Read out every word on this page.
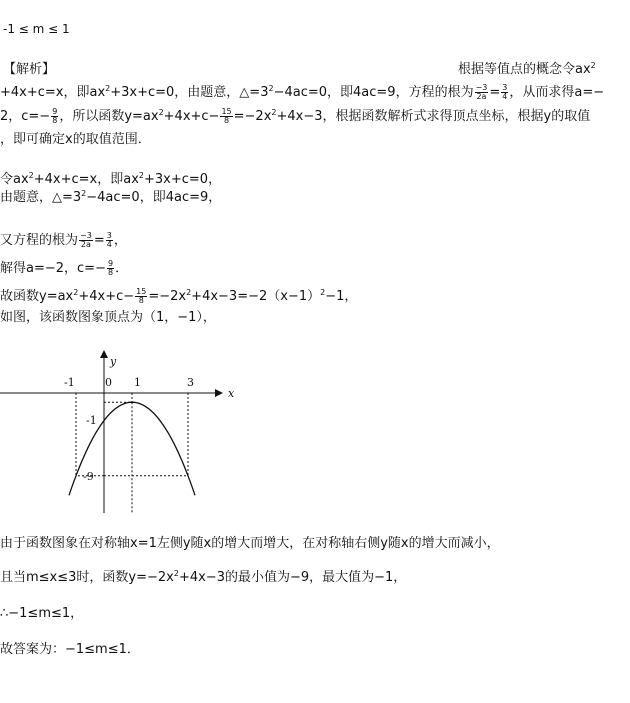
-1 ≤ m ≤ 1
【解析】	根据等值点的概念令$ax^2$
+4x+c=x，即$ax^2+3x+c=0$，由题意，$\triangle=3^2-4ac=0$，即4ac=9，方程的根为 $\frac{-3}{2a} = \frac{3}{4}$ ，从而求得a=−
2，$c=- \frac{9}{8}$ ，所以函数$y=ax^2+4x+c- \frac{15}{8} =-2x^2+4x-3$，根据函数解析式求得顶点坐标，根据y的取值
，即可确定x的取值范围．
令$ax^2+4x+c=x$，即$ax^2+3x+c=0$，
由题意，$\triangle=3^2-4ac=0$，即4ac=9，
又方程的根为 $\frac{-3}{2a} = \frac{3}{4}$ ，
解得a=−2，$c=- \frac{9}{8}$ ．
故函数$y=ax^2+4x+c- \frac{15}{8} =-2x^2+4x-3=-2(x-1)^2-1$，
如图，该函数图象顶点为（1，−1），
x
y
-1	0 1	3
-1
-9
由于函数图象在对称轴x=1左侧y随x的增大而增大，在对称轴右侧y随x的增大而减小，
且当m≤x≤3时，函数$y=-2x^2+4x-3$的最小值为−9，最大值为−1，
∴−1≤m≤1，
故答案为：−1≤m≤1．
